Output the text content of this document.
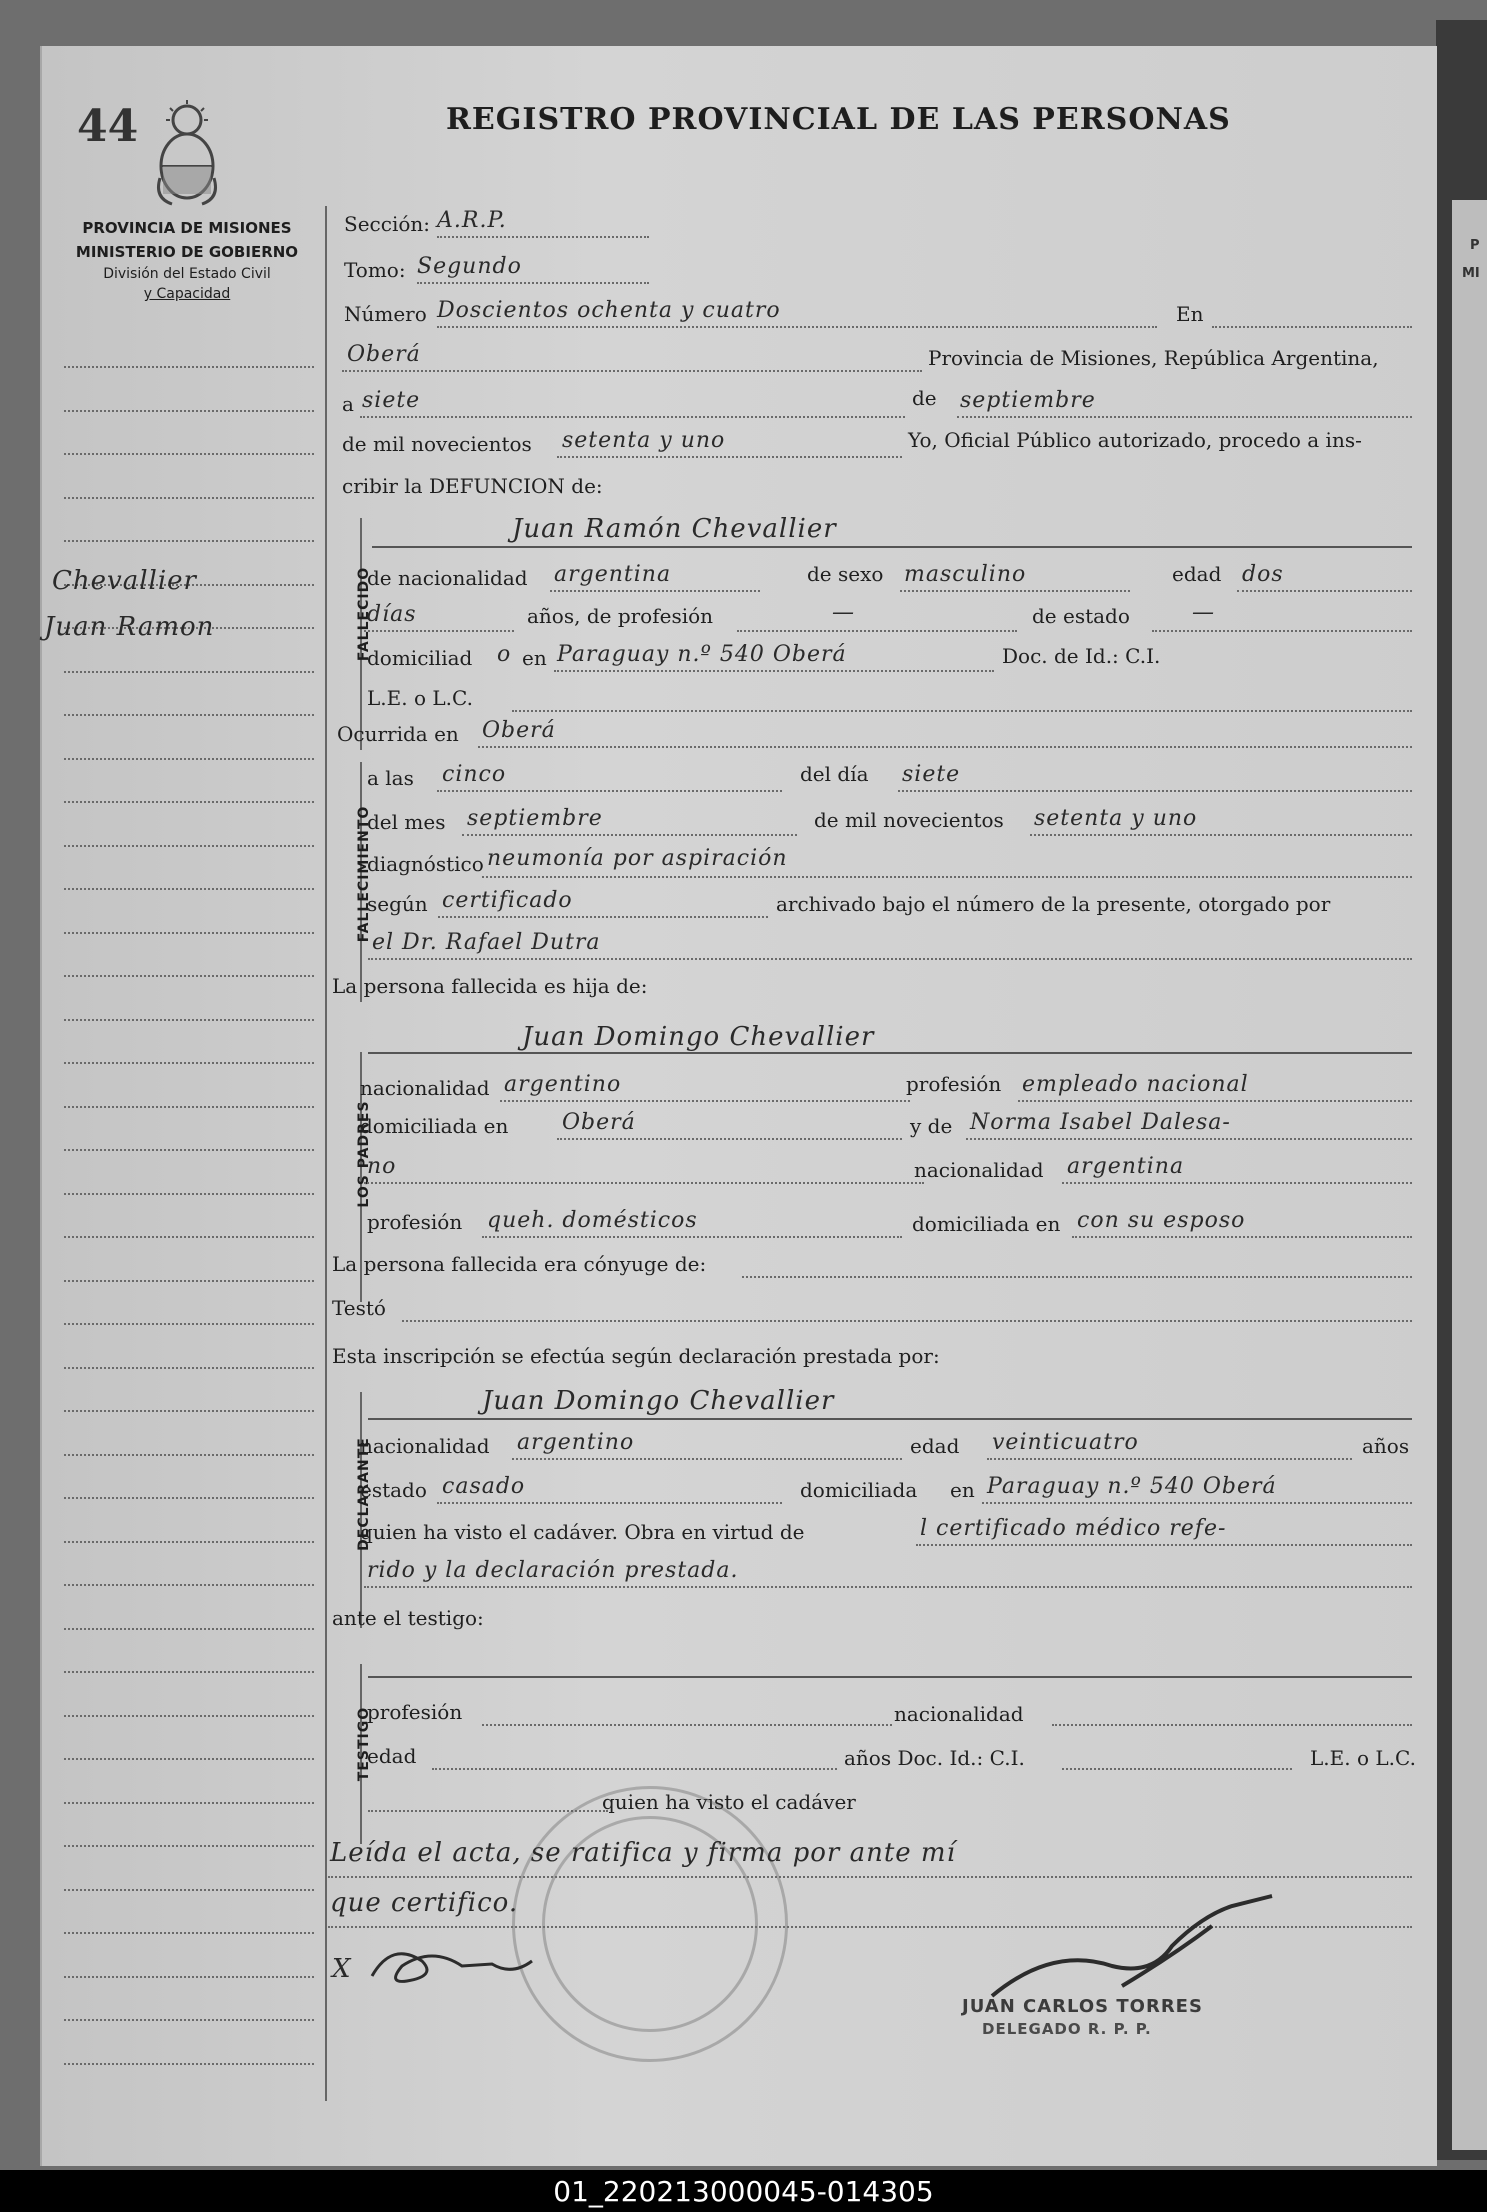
P
MI
44	REGISTRO PROVINCIAL DE LAS PERSONAS
PROVINCIA DE MISIONES
MINISTERIO DE GOBIERNO
División del Estado Civil
y Capacidad
Chevallier
Juan Ramon
Sección: A.R.P.
Tomo: Segundo
Número Doscientos ochenta y cuatro	En
Oberá	Provincia de Misiones, República Argentina,
a siete	de septiembre
de mil novecientos setenta y uno	Yo, Oficial Público autorizado, procedo a ins-
cribir la DEFUNCION de:
FALLECIDO
Juan Ramón Chevallier
de nacionalidad argentina	de sexo masculino	edad dos
días	años, de profesión	—	de estado	—
domiciliad o en Paraguay n.º 540 Oberá	Doc. de Id.: C.I.
L.E. o L.C.
Ocurrida en Oberá
FALLECIMIENTO
a las cinco	del día siete
del mes septiembre	de mil novecientos setenta y uno
diagnóstico neumonía por aspiración
según certificado	archivado bajo el número de la presente, otorgado por
el Dr. Rafael Dutra
La persona fallecida es hija de:
LOS PADRES
Juan Domingo Chevallier
nacionalidad argentino	profesión empleado nacional
domiciliada en Oberá	y de Norma Isabel Dalesa-
no	nacionalidad argentina
profesión queh. domésticos	domiciliada en con su esposo
La persona fallecida era cónyuge de:
Testó
Esta inscripción se efectúa según declaración prestada por:
DECLARANTE
Juan Domingo Chevallier
nacionalidad argentino	edad veinticuatro	años
estado casado	domiciliada en Paraguay n.º 540 Oberá
quien ha visto el cadáver. Obra en virtud de	l certificado médico refe-
rido y la declaración prestada.
ante el testigo:
TESTIGO
profesión	nacionalidad
edad	años Doc. Id.: C.I.	L.E. o L.C.
quien ha visto el cadáver
Leída el acta, se ratifica y firma por ante mí
que certifico.
X
JUAN CARLOS TORRES
DELEGADO R. P. P.
01_220213000045-014305
